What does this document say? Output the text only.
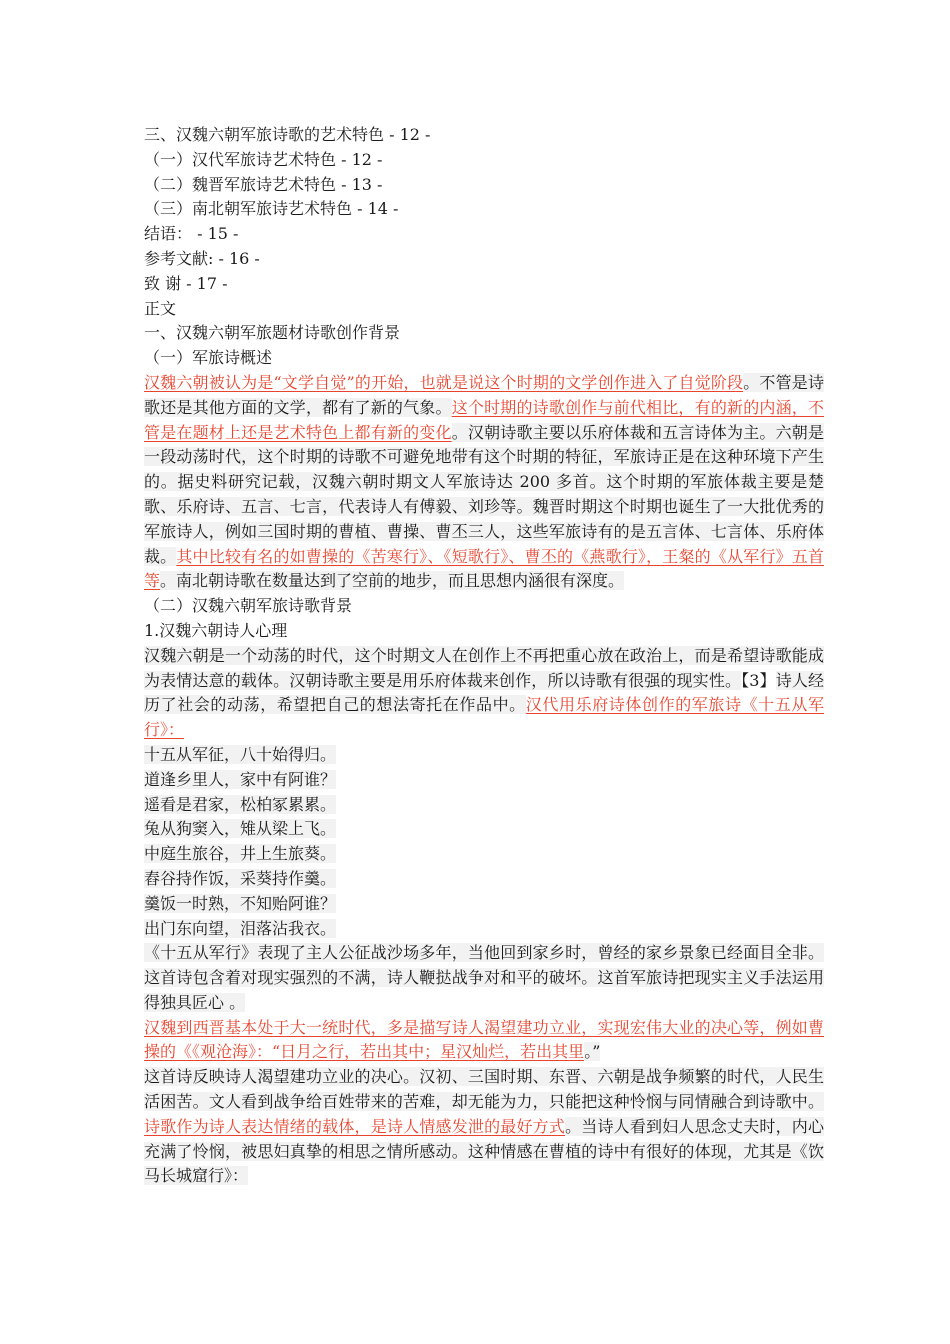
三、汉魏六朝军旅诗歌的艺术特色 - 12 -
（一）汉代军旅诗艺术特色 - 12 -
（二）魏晋军旅诗艺术特色 - 13 -
（三）南北朝军旅诗艺术特色 - 14 -
结语： - 15 -
参考文献: - 16 -
致 谢 - 17 -
正文
一、汉魏六朝军旅题材诗歌创作背景
（一）军旅诗概述
汉魏六朝被认为是“文学自觉”的开始，也就是说这个时期的文学创作进入了自觉阶段。不管是诗歌还是其他方面的文学，都有了新的气象。这个时期的诗歌创作与前代相比，有的新的内涵，不管是在题材上还是艺术特色上都有新的变化。汉朝诗歌主要以乐府体裁和五言诗体为主。六朝是一段动荡时代，这个时期的诗歌不可避免地带有这个时期的特征，军旅诗正是在这种环境下产生的。据史料研究记载，汉魏六朝时期文人军旅诗达 200 多首。这个时期的军旅体裁主要是楚歌、乐府诗、五言、七言，代表诗人有傅毅、刘珍等。魏晋时期这个时期也诞生了一大批优秀的军旅诗人，例如三国时期的曹植、曹操、曹丕三人，这些军旅诗有的是五言体、七言体、乐府体裁。其中比较有名的如曹操的《苦寒行》、《短歌行》、曹丕的《燕歌行》，王粲的《从军行》五首等。南北朝诗歌在数量达到了空前的地步，而且思想内涵很有深度。
（二）汉魏六朝军旅诗歌背景
1.汉魏六朝诗人心理
汉魏六朝是一个动荡的时代，这个时期文人在创作上不再把重心放在政治上，而是希望诗歌能成为表情达意的载体。汉朝诗歌主要是用乐府体裁来创作，所以诗歌有很强的现实性。【3】诗人经历了社会的动荡，希望把自己的想法寄托在作品中。汉代用乐府诗体创作的军旅诗《十五从军行》：
十五从军征，八十始得归。
道逢乡里人，家中有阿谁？
遥看是君家，松柏冢累累。
兔从狗窦入，雉从梁上飞。
中庭生旅谷，井上生旅葵。
舂谷持作饭，采葵持作羹。
羹饭一时熟，不知贻阿谁？
出门东向望，泪落沾我衣。
《十五从军行》表现了主人公征战沙场多年，当他回到家乡时，曾经的家乡景象已经面目全非。这首诗包含着对现实强烈的不满，诗人鞭挞战争对和平的破坏。这首军旅诗把现实主义手法运用得独具匠心 。
汉魏到西晋基本处于大一统时代，多是描写诗人渴望建功立业，实现宏伟大业的决心等，例如曹操的《《观沧海》：“日月之行，若出其中；星汉灿烂，若出其里。”
这首诗反映诗人渴望建功立业的决心。汉初、三国时期、东晋、六朝是战争频繁的时代，人民生活困苦。文人看到战争给百姓带来的苦难，却无能为力，只能把这种怜悯与同情融合到诗歌中。诗歌作为诗人表达情绪的载体，是诗人情感发泄的最好方式。当诗人看到妇人思念丈夫时，内心充满了怜悯，被思妇真挚的相思之情所感动。这种情感在曹植的诗中有很好的体现，尤其是《饮马长城窟行》：
